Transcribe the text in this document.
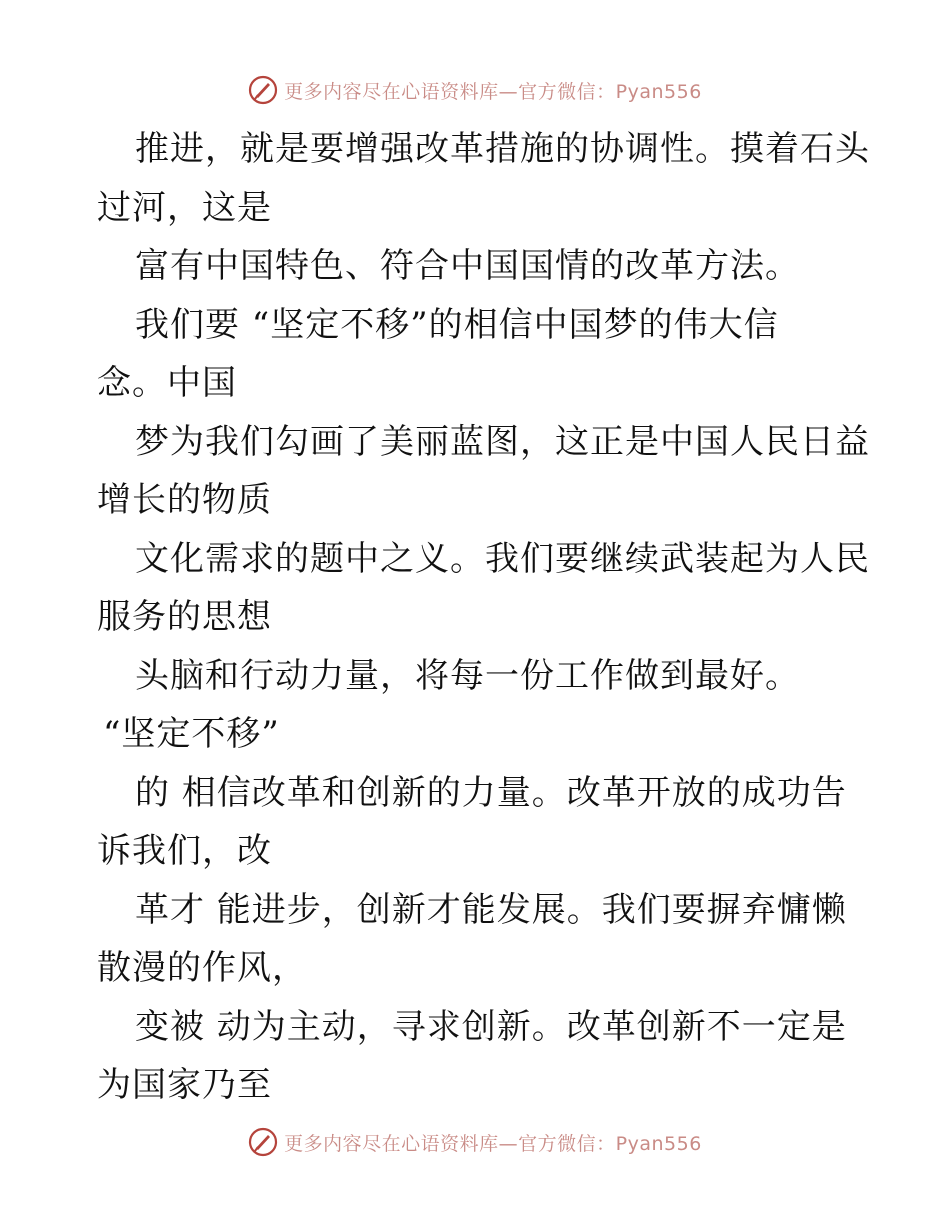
更多内容尽在心语资料库—官方微信：Pyan556
推进，就是要增强改革措施的协调性。摸着石头
过河，这是
富有中国特色、符合中国国情的改革方法。
我们要 “坚定不移”的相信中国梦的伟大信
念。中国
梦为我们勾画了美丽蓝图，这正是中国人民日益
增长的物质
文化需求的题中之义。我们要继续武装起为人民
服务的思想
头脑和行动力量，将每一份工作做到最好。
“坚定不移”
的 相信改革和创新的力量。改革开放的成功告
诉我们，改
革才 能进步，创新才能发展。我们要摒弃慵懒
散漫的作风，
变被 动为主动，寻求创新。改革创新不一定是
为国家乃至
更多内容尽在心语资料库—官方微信：Pyan556
